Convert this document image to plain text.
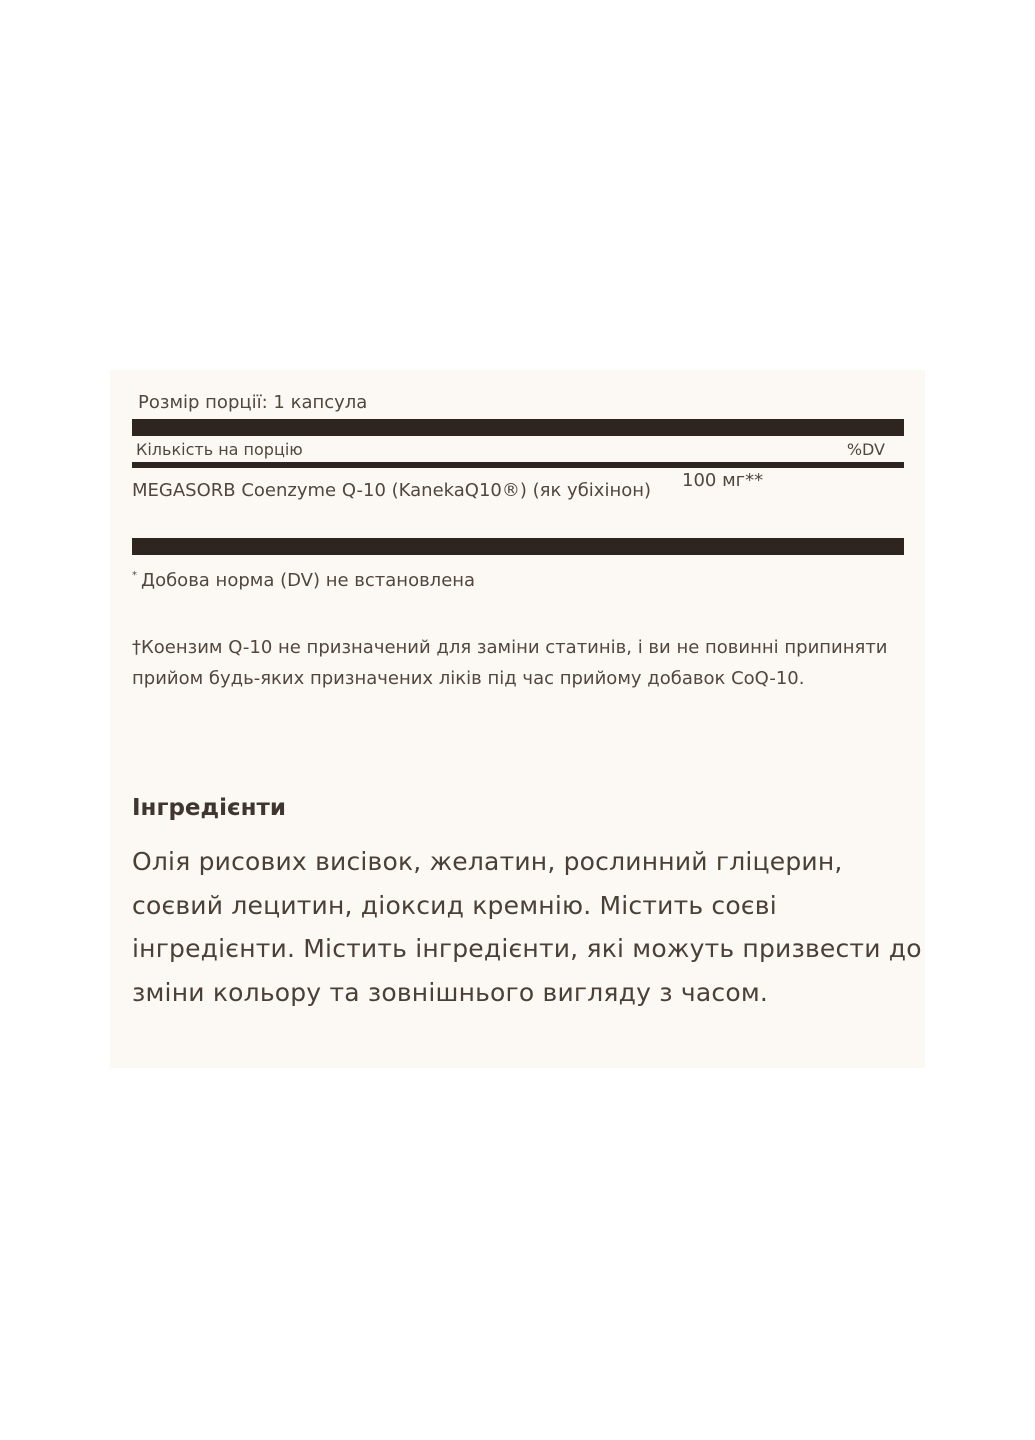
Розмір порції: 1 капсула
Кількість на порцію	%DV
MEGASORB Coenzyme Q-10 (KanekaQ10®) (як убіхінон) 100 мг**
* Добова норма (DV) не встановлена
†Коензим Q-10 не призначений для заміни статинів, і ви не повинні припиняти прийом будь-яких призначених ліків під час прийому добавок CoQ-10.
Інгредієнти
Олія рисових висівок, желатин, рослинний гліцерин, соєвий лецитин, діоксид кремнію. Містить соєві інгредієнти. Містить інгредієнти, які можуть призвести до зміни кольору та зовнішнього вигляду з часом.
